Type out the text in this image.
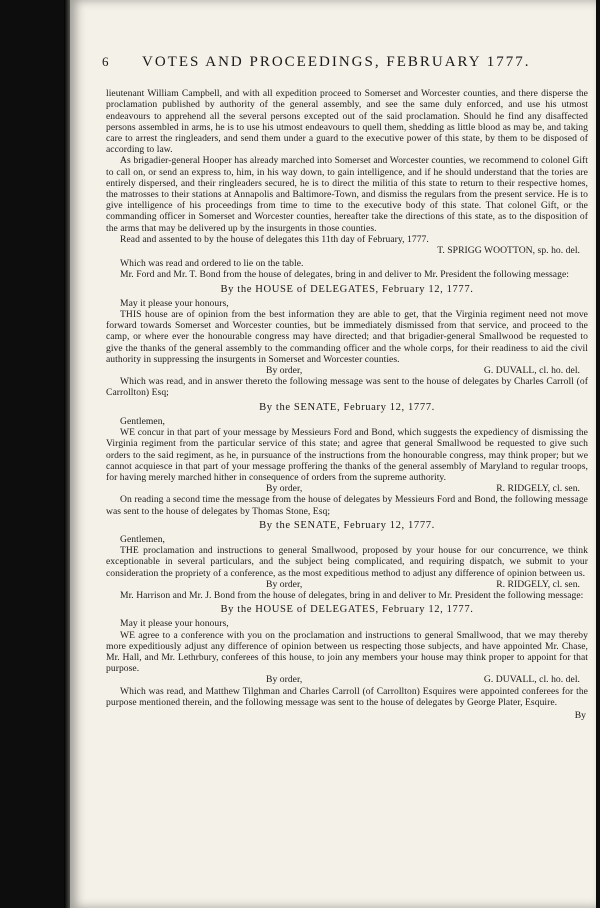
6	VOTES AND PROCEEDINGS, FEBRUARY 1777.

lieutenant William Campbell, and with all expedition proceed to Somerset and Worcester counties, and there disperse the proclamation published by authority of the general assembly, and see the same duly enforced, and use his utmost endeavours to apprehend all the several persons excepted out of the said proclamation. Should he find any disaffected persons assembled in arms, he is to use his utmost endeavours to quell them, shedding as little blood as may be, and taking care to arrest the ringleaders, and send them under a guard to the executive power of this state, by them to be disposed of according to law.

As brigadier-general Hooper has already marched into Somerset and Worcester counties, we recommend to colonel Gift to call on, or send an express to, him, in his way down, to gain intelligence, and if he should understand that the tories are entirely dispersed, and their ringleaders secured, he is to direct the militia of this state to return to their respective homes, the matrosses to their stations at Annapolis and Baltimore-Town, and dismiss the regulars from the present service. He is to give intelligence of his proceedings from time to time to the executive body of this state. That colonel Gift, or the commanding officer in Somerset and Worcester counties, hereafter take the directions of this state, as to the disposition of the arms that may be delivered up by the insurgents in those counties.

Read and assented to by the house of delegates this 11th day of February, 1777.

T. SPRIGG WOOTTON, sp. ho. del.

Which was read and ordered to lie on the table.

Mr. Ford and Mr. T. Bond from the house of delegates, bring in and deliver to Mr. President the following message:

By the HOUSE of DELEGATES, February 12, 1777.

May it please your honours,

THIS house are of opinion from the best information they are able to get, that the Virginia regiment need not move forward towards Somerset and Worcester counties, but be immediately dismissed from that service, and proceed to the camp, or where ever the honourable congress may have directed; and that brigadier-general Smallwood be requested to give the thanks of the general assembly to the commanding officer and the whole corps, for their readiness to aid the civil authority in suppressing the insurgents in Somerset and Worcester counties.

By order,	G. DUVALL, cl. ho. del.

Which was read, and in answer thereto the following message was sent to the house of delegates by Charles Carroll (of Carrollton) Esq;

By the SENATE, February 12, 1777.

Gentlemen,

WE concur in that part of your message by Messieurs Ford and Bond, which suggests the expediency of dismissing the Virginia regiment from the particular service of this state; and agree that general Smallwood be requested to give such orders to the said regiment, as he, in pursuance of the instructions from the honourable congress, may think proper; but we cannot acquiesce in that part of your message proffering the thanks of the general assembly of Maryland to regular troops, for having merely marched hither in consequence of orders from the supreme authority.

By order,	R. RIDGELY, cl. sen.

On reading a second time the message from the house of delegates by Messieurs Ford and Bond, the following message was sent to the house of delegates by Thomas Stone, Esq;

By the SENATE, February 12, 1777.

Gentlemen,

THE proclamation and instructions to general Smallwood, proposed by your house for our concurrence, we think exceptionable in several particulars, and the subject being complicated, and requiring dispatch, we submit to your consideration the propriety of a conference, as the most expeditious method to adjust any difference of opinion between us.

By order,	R. RIDGELY, cl. sen.

Mr. Harrison and Mr. J. Bond from the house of delegates, bring in and deliver to Mr. President the following message:

By the HOUSE of DELEGATES, February 12, 1777.

May it please your honours,

WE agree to a conference with you on the proclamation and instructions to general Smallwood, that we may thereby more expeditiously adjust any difference of opinion between us respecting those subjects, and have appointed Mr. Chase, Mr. Hall, and Mr. Lethrbury, conferees of this house, to join any members your house may think proper to appoint for that purpose.

By order,	G. DUVALL, cl. ho. del.

Which was read, and Matthew Tilghman and Charles Carroll (of Carrollton) Esquires were appointed conferees for the purpose mentioned therein, and the following message was sent to the house of delegates by George Plater, Esquire.

By
